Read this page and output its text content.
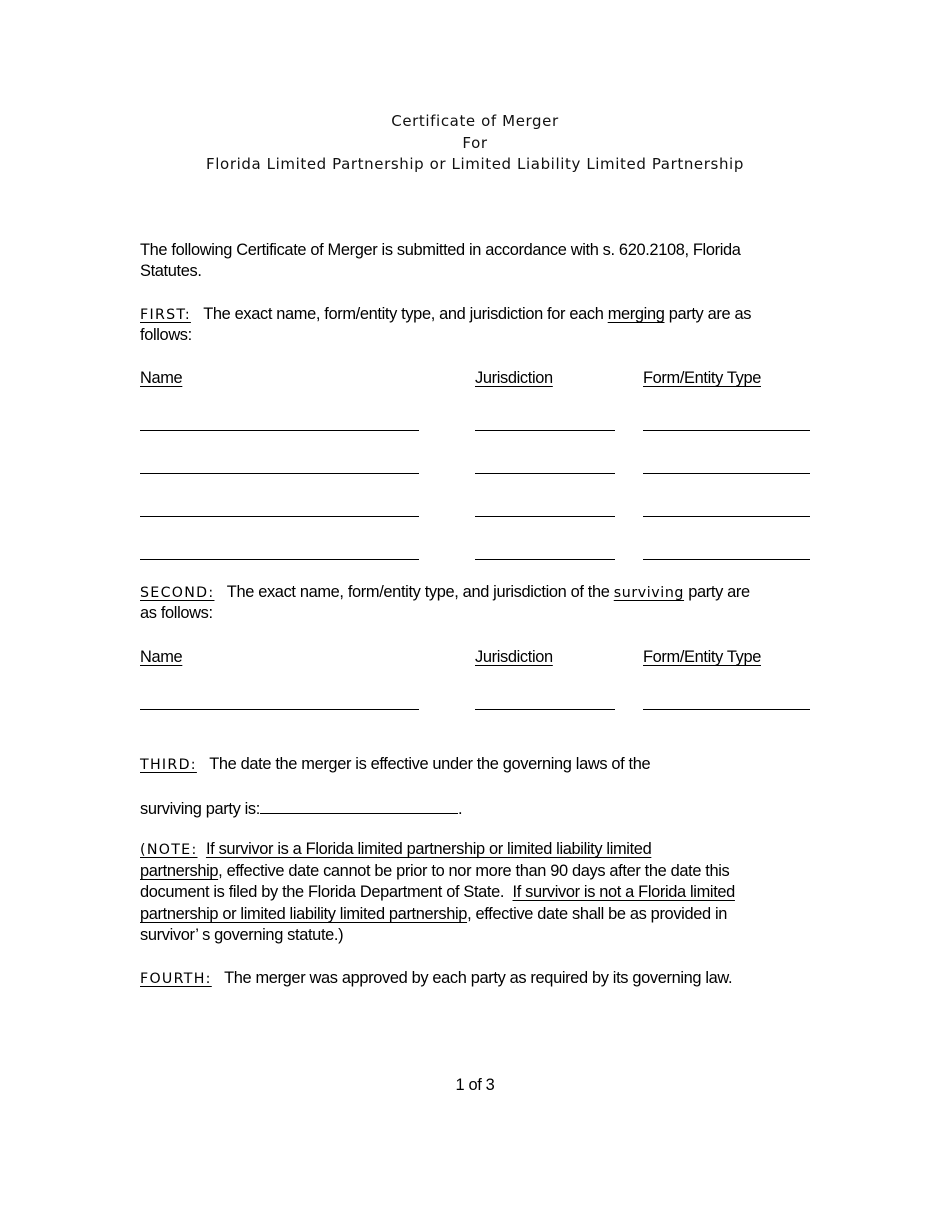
Certificate of Merger
For
Florida Limited Partnership or Limited Liability Limited Partnership
The following Certificate of Merger is submitted in accordance with s. 620.2108, Florida
Statutes.
FIRST: The exact name, form/entity type, and jurisdiction for each merging party are as
follows:
Name	Jurisdiction	Form/Entity Type
SECOND: The exact name, form/entity type, and jurisdiction of the surviving party are
as follows:
Name	Jurisdiction	Form/Entity Type
THIRD: The date the merger is effective under the governing laws of the
surviving party is:	.
(NOTE: If survivor is a Florida limited partnership or limited liability limited
partnership, effective date cannot be prior to nor more than 90 days after the date this
document is filed by the Florida Department of State. If survivor is not a Florida limited
partnership or limited liability limited partnership, effective date shall be as provided in
survivor’ s governing statute.)
FOURTH: The merger was approved by each party as required by its governing law.
1 of 3
